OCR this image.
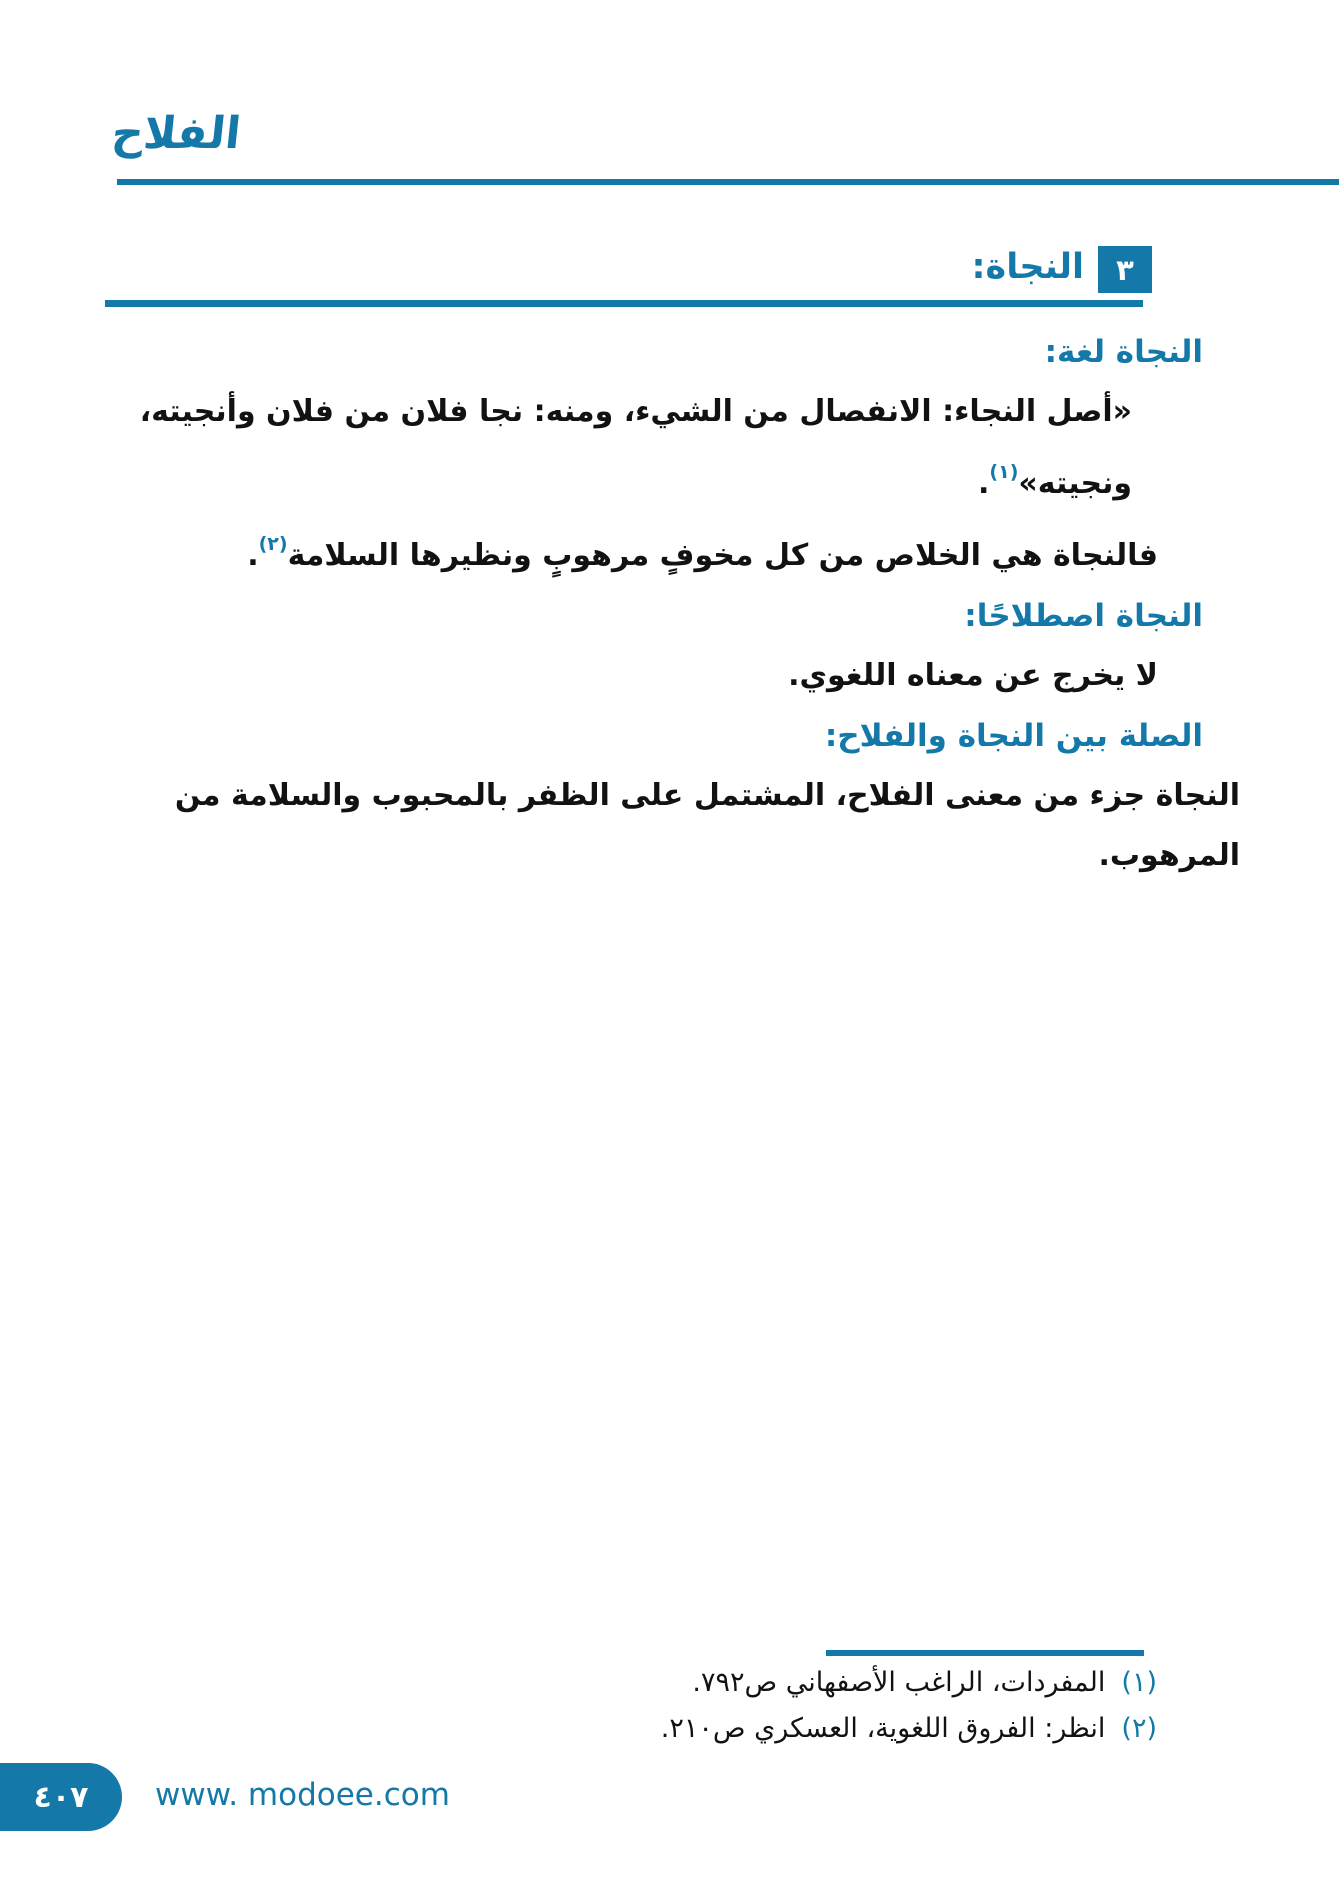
الفلاح
٣
النجاة:

النجاة لغة:

«أصل النجاء: الانفصال من الشيء، ومنه: نجا فلان من فلان وأنجيته، ونجيته»$^{(١)}$.

فالنجاة هي الخلاص من كل مخوفٍ مرهوبٍ ونظيرها السلامة$^{(٢)}$.

النجاة اصطلاحًا:

لا يخرج عن معناه اللغوي.

الصلة بين النجاة والفلاح:

النجاة جزء من معنى الفلاح، المشتمل على الظفر بالمحبوب والسلامة من المرهوب.

(١)
المفردات، الراغب الأصفهاني ص٧٩٢.
(٢)
انظر: الفروق اللغوية، العسكري ص٢١٠.
٤٠٧	www. modoee.com
